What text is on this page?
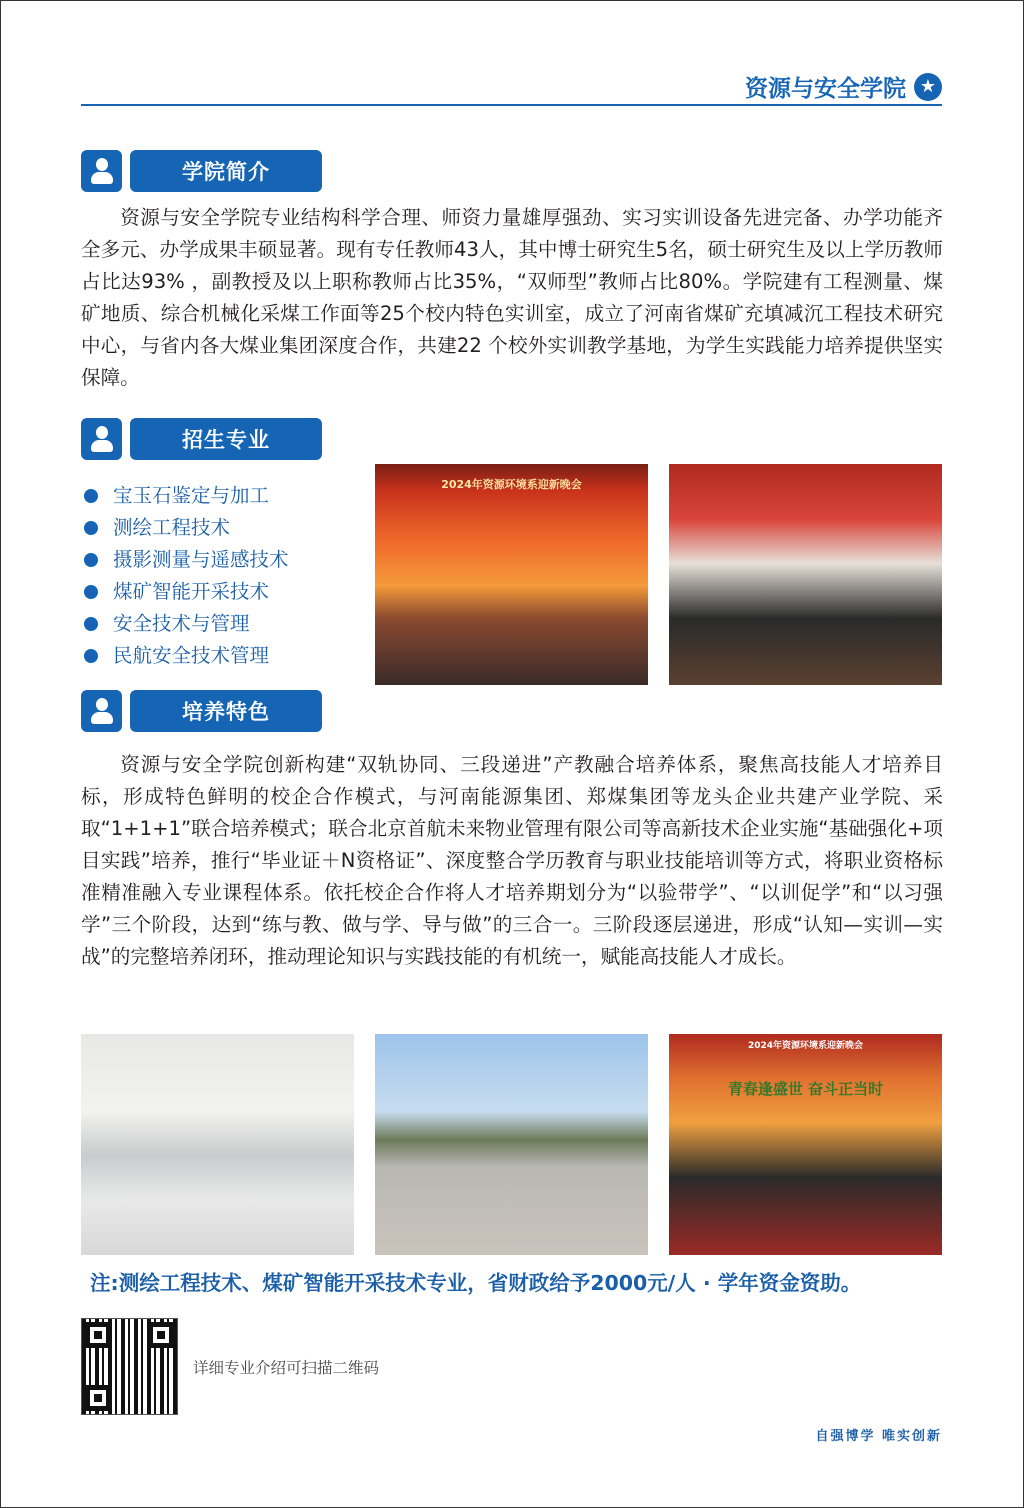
资源与安全学院 ★
学院简介

资源与安全学院专业结构科学合理、师资力量雄厚强劲、实习实训设备先进完备、办学功能齐全多元、办学成果丰硕显著。现有专任教师43人，其中博士研究生5名，硕士研究生及以上学历教师占比达93% ，副教授及以上职称教师占比35%，“双师型”教师占比80%。学院建有工程测量、煤矿地质、综合机械化采煤工作面等25个校内特色实训室，成立了河南省煤矿充填减沉工程技术研究中心，与省内各大煤业集团深度合作，共建22 个校外实训教学基地，为学生实践能力培养提供坚实保障。

招生专业
宝玉石鉴定与加工
测绘工程技术
摄影测量与遥感技术
煤矿智能开采技术
安全技术与管理
民航安全技术管理
2024年资源环境系迎新晚会
培养特色

资源与安全学院创新构建“双轨协同、三段递进”产教融合培养体系，聚焦高技能人才培养目标，形成特色鲜明的校企合作模式，与河南能源集团、郑煤集团等龙头企业共建产业学院、采取“1+1+1”联合培养模式；联合北京首航未来物业管理有限公司等高新技术企业实施“基础强化+项目实践”培养，推行“毕业证＋N资格证”、深度整合学历教育与职业技能培训等方式，将职业资格标准精准融入专业课程体系。依托校企合作将人才培养期划分为“以验带学”、“以训促学”和“以习强学”三个阶段，达到“练与教、做与学、导与做”的三合一。三阶段逐层递进，形成“认知—实训—实战”的完整培养闭环，推动理论知识与实践技能的有机统一，赋能高技能人才成长。

2024年资源环境系迎新晚会
青春逢盛世 奋斗正当时
注:测绘工程技术、煤矿智能开采技术专业，省财政给予2000元/人 · 学年资金资助。
详细专业介绍可扫描二维码
自强博学 唯实创新
